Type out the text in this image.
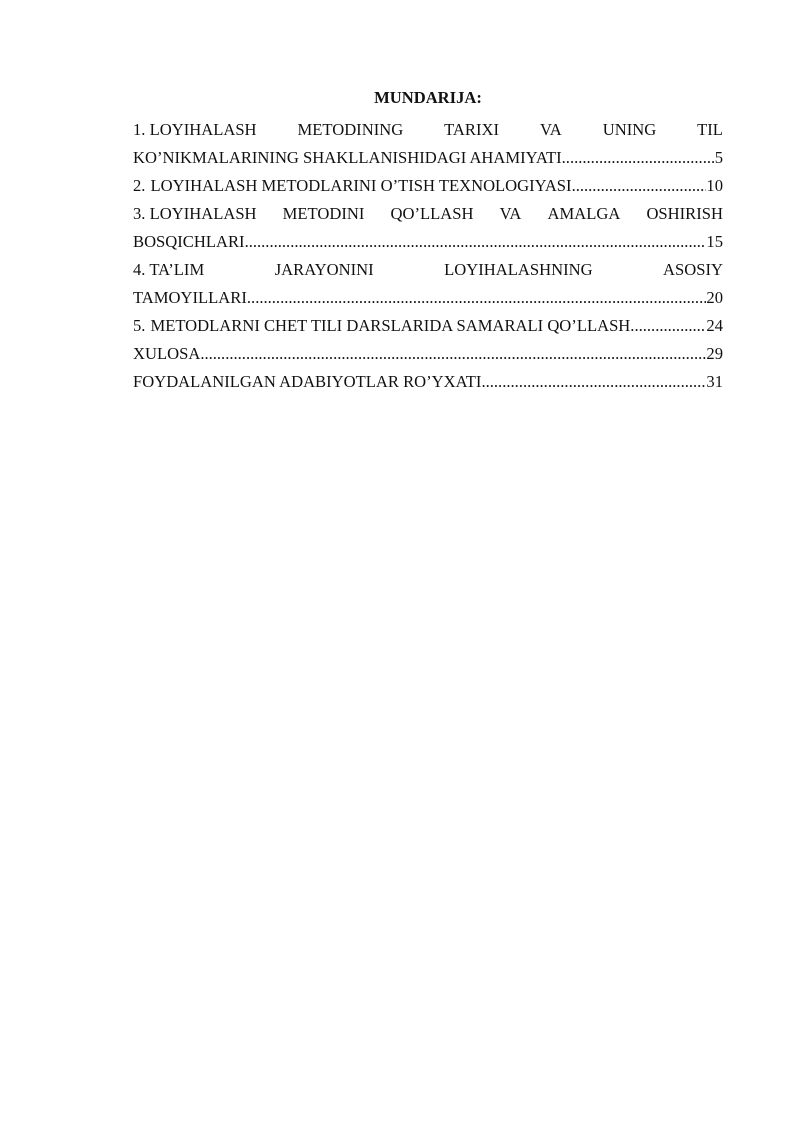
MUNDARIJA:
1. LOYIHALASH METODINING TARIXI VA UNING TIL
KO’NIKMALARINING SHAKLLANISHIDAGI AHAMIYATI .....	5
2. LOYIHALASH METODLARINI O’TISH TEXNOLOGIYASI .....	10
3. LOYIHALASH METODINI QO’LLASH VA AMALGA OSHIRISH
BOSQICHLARI .....	15
4. TA’LIM	JARAYONINI	LOYIHALASHNING	ASOSIY
TAMOYILLARI .....	20
5. METODLARNI CHET TILI DARSLARIDA SAMARALI QO’LLASH .....	24
XULOSA .....	29
FOYDALANILGAN ADABIYOTLAR RO’YXATI .....	31
